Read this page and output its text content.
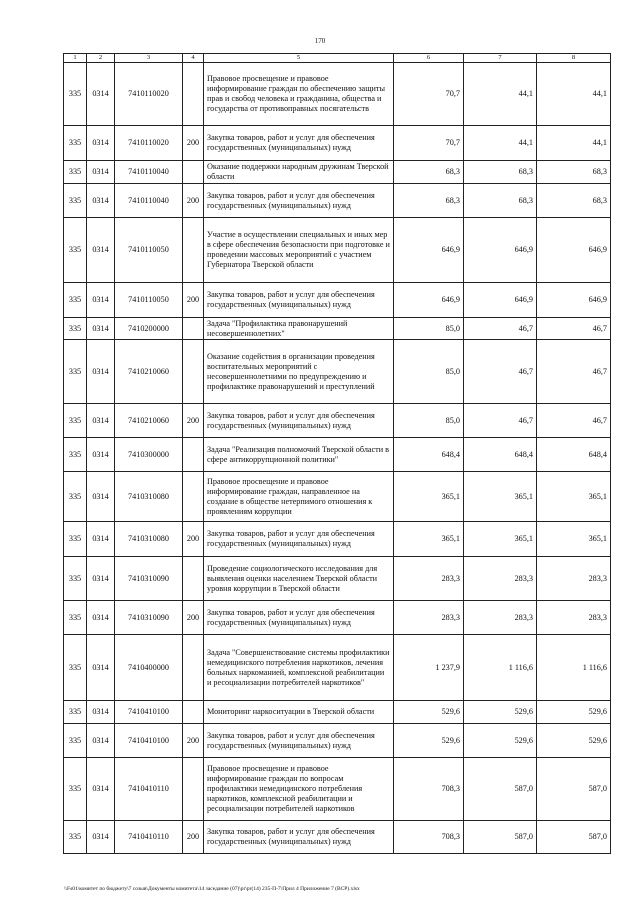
170
1	2	3	4	5	6	7	8
335	0314	7410110020		Правовое просвещение и правовое информирование граждан по обеспечению защиты прав и свобод человека и гражданина, общества и государства от противоправных посягательств	70,7	44,1	44,1
335	0314	7410110020	200	Закупка товаров, работ и услуг для обеспечения государственных (муниципальных) нужд	70,7	44,1	44,1
335	0314	7410110040		Оказание поддержки народным дружинам Тверской области	68,3	68,3	68,3
335	0314	7410110040	200	Закупка товаров, работ и услуг для обеспечения государственных (муниципальных) нужд	68,3	68,3	68,3
335	0314	7410110050		Участие в осуществлении специальных и иных мер в сфере обеспечения безопасности при подготовке и проведении массовых мероприятий с участием Губернатора Тверской области	646,9	646,9	646,9
335	0314	7410110050	200	Закупка товаров, работ и услуг для обеспечения государственных (муниципальных) нужд	646,9	646,9	646,9
335	0314	7410200000		Задача "Профилактика правонарушений несовершеннолетних"	85,0	46,7	46,7
335	0314	7410210060		Оказание содействия в организации проведения воспитательных мероприятий с несовершеннолетними по предупреждению и профилактике правонарушений и преступлений	85,0	46,7	46,7
335	0314	7410210060	200	Закупка товаров, работ и услуг для обеспечения государственных (муниципальных) нужд	85,0	46,7	46,7
335	0314	7410300000		Задача "Реализация полномочий Тверской области в сфере антикоррупционной политики"	648,4	648,4	648,4
335	0314	7410310080		Правовое просвещение и правовое информирование граждан, направленное на создание в обществе нетерпимого отношения к проявлениям коррупции	365,1	365,1	365,1
335	0314	7410310080	200	Закупка товаров, работ и услуг для обеспечения государственных (муниципальных) нужд	365,1	365,1	365,1
335	0314	7410310090		Проведение социологического исследования для выявления оценки населением Тверской области уровня коррупции в Тверской области	283,3	283,3	283,3
335	0314	7410310090	200	Закупка товаров, работ и услуг для обеспечения государственных (муниципальных) нужд	283,3	283,3	283,3
335	0314	7410400000		Задача "Совершенствование системы профилактики немедицинского потребления наркотиков, лечения больных наркоманией, комплексной реабилитации и ресоциализации потребителей наркотиков"	1 237,9	1 116,6	1 116,6
335	0314	7410410100		Мониторинг наркоситуации в Тверской области	529,6	529,6	529,6
335	0314	7410410100	200	Закупка товаров, работ и услуг для обеспечения государственных (муниципальных) нужд	529,6	529,6	529,6
335	0314	7410410110		Правовое просвещение и правовое информирование граждан по вопросам профилактики немедицинского потребления наркотиков, комплексной реабилитации и ресоциализации потребителей наркотиков	708,3	587,0	587,0
335	0314	7410410110	200	Закупка товаров, работ и услуг для обеспечения государственных (муниципальных) нужд	708,3	587,0	587,0
\\Fs01\комитет по бюджету\7 созыв\Документы комитета\14 заседание (07)\pr\pr(14) 235-П-7\Прил 4 Приложение 7 (ВСР).xlsx
